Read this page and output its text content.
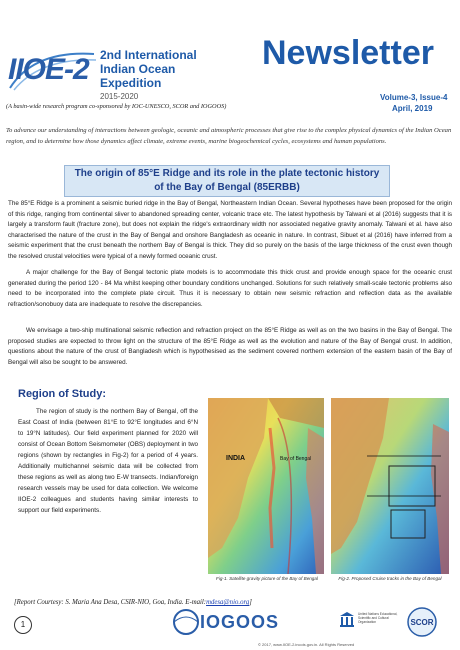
IIOE-2 2nd International
Indian Ocean
Expedition
2015-2020
Newsletter
(A basin-wide research program co-sponsored by IOC-UNESCO, SCOR and IOGOOS)
Volume-3, Issue-4
April, 2019
To advance our understanding of interactions between geologic, oceanic and atmospheric processes that give rise to the complex physical dynamics of the Indian Ocean region, and to determine how those dynamics affect climate, extreme events, marine biogeochemical cycles, ecosystems and human populations.
The origin of 85°E Ridge and its role in the plate tectonic history
of the Bay of Bengal (85ERBB)
The 85°E Ridge is a prominent a seismic buried ridge in the Bay of Bengal, Northeastern Indian Ocean. Several hypotheses have been proposed for the origin of this ridge, ranging from continental sliver to abandoned spreading center, volcanic trace etc. The latest hypothesis by Talwani et al (2016) suggests that it is largely a transform fault (fracture zone), but does not explain the ridge's extraordinary width nor associated negative gravity anomaly. Talwani et al. have also characterised the nature of the crust in the Bay of Bengal and onshore Bangladesh as oceanic in nature. In contrast, Sibuet et al (2016) have inferred from a seismic experiment that the crust beneath the northern Bay of Bengal is thick. They did so purely on the basis of the large thickness of the crust even though the resolved crustal velocities were typical of a newly formed oceanic crust.
A major challenge for the Bay of Bengal tectonic plate models is to accommodate this thick crust and provide enough space for the oceanic crust generated during the period 120 - 84 Ma whilst keeping other boundary conditions unchanged. Solutions for such relatively small-scale tectonic problems also need to be incorporated into the complete plate circuit. Thus it is necessary to obtain new seismic refraction and reflection data as the available refraction/sonobuoy data are inadequate to resolve the discrepancies.
We envisage a two-ship multinational seismic reflection and refraction project on the 85°E Ridge as well as on the two basins in the Bay of Bengal. The proposed studies are expected to throw light on the structure of the 85°E Ridge as well as the evolution and nature of the Bay of Bengal crust. In addition, questions about the nature of the crust of Bangladesh which is hypothesised as the sediment covered northern extension of the eastern basin of the Bay of Bengal will also be sought to be answered.
Region of Study:
The region of study is the northern Bay of Bengal, off the East Coast of India (between 81°E to 92°E longitudes and 6°N to 19°N latitudes). Our field experiment planned for 2020 will consist of Ocean Bottom Seismometer (OBS) deployment in two regions (shown by rectangles in Fig-2) for a period of 4 years. Additionally multichannel seismic data will be collected from these regions as well as along two E-W transects. Indian/foreign research vessels may be used for data collection. We welcome IIOE-2 colleagues and students having similar interests to support our field experiments.
INDIA	Bay of Bengal
Fig-1. Satellite gravity picture of the Bay of Bengal	Fig-2. Proposed Cruise tracks in the Bay of Bengal
[Report Courtesy: S. Maria Ana Desa, CSIR-NIO, Goa, India. E-mail:mdesa@nio.org]
1	IOGOOS
© 2017, www.IIOE-2.incois.gov.in. All Rights Reserved
United Nations Educational, Scientific and Cultural Organization	SCOR
